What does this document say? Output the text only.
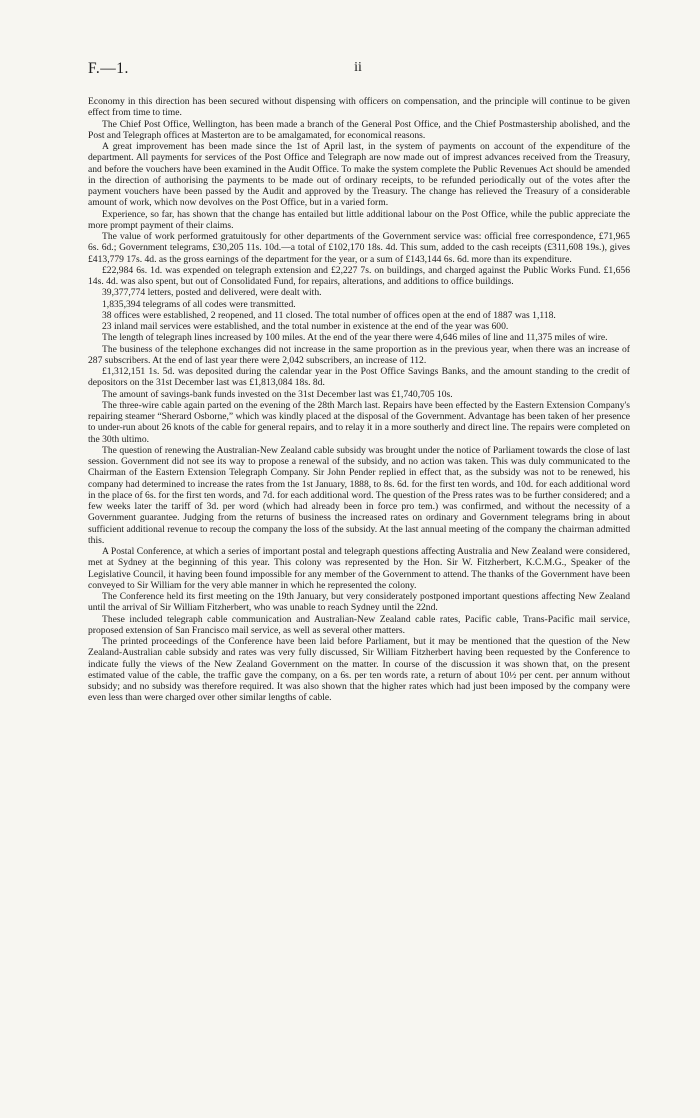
F.—1.	ii

Economy in this direction has been secured without dispensing with officers on compensation, and the principle will continue to be given effect from time to time.

The Chief Post Office, Wellington, has been made a branch of the General Post Office, and the Chief Postmastership abolished, and the Post and Telegraph offices at Masterton are to be amalgamated, for economical reasons.

A great improvement has been made since the 1st of April last, in the system of payments on account of the expenditure of the department. All payments for services of the Post Office and Telegraph are now made out of imprest advances received from the Treasury, and before the vouchers have been examined in the Audit Office. To make the system complete the Public Revenues Act should be amended in the direction of authorising the payments to be made out of ordinary receipts, to be refunded periodically out of the votes after the payment vouchers have been passed by the Audit and approved by the Treasury. The change has relieved the Treasury of a considerable amount of work, which now devolves on the Post Office, but in a varied form.

Experience, so far, has shown that the change has entailed but little additional labour on the Post Office, while the public appreciate the more prompt payment of their claims.

The value of work performed gratuitously for other departments of the Government service was: official free correspondence, £71,965 6s. 6d.; Government telegrams, £30,205 11s. 10d.—a total of £102,170 18s. 4d. This sum, added to the cash receipts (£311,608 19s.), gives £413,779 17s. 4d. as the gross earnings of the department for the year, or a sum of £143,144 6s. 6d. more than its expenditure.

£22,984 6s. 1d. was expended on telegraph extension and £2,227 7s. on buildings, and charged against the Public Works Fund. £1,656 14s. 4d. was also spent, but out of Consolidated Fund, for repairs, alterations, and additions to office buildings.

39,377,774 letters, posted and delivered, were dealt with.

1,835,394 telegrams of all codes were transmitted.

38 offices were established, 2 reopened, and 11 closed. The total number of offices open at the end of 1887 was 1,118.

23 inland mail services were established, and the total number in existence at the end of the year was 600.

The length of telegraph lines increased by 100 miles. At the end of the year there were 4,646 miles of line and 11,375 miles of wire.

The business of the telephone exchanges did not increase in the same proportion as in the previous year, when there was an increase of 287 subscribers. At the end of last year there were 2,042 subscribers, an increase of 112.

£1,312,151 1s. 5d. was deposited during the calendar year in the Post Office Savings Banks, and the amount standing to the credit of depositors on the 31st December last was £1,813,084 18s. 8d.

The amount of savings-bank funds invested on the 31st December last was £1,740,705 10s.

The three-wire cable again parted on the evening of the 28th March last. Repairs have been effected by the Eastern Extension Company's repairing steamer “Sherard Osborne,” which was kindly placed at the disposal of the Government. Advantage has been taken of her presence to under-run about 26 knots of the cable for general repairs, and to relay it in a more southerly and direct line. The repairs were completed on the 30th ultimo.

The question of renewing the Australian-New Zealand cable subsidy was brought under the notice of Parliament towards the close of last session. Government did not see its way to propose a renewal of the subsidy, and no action was taken. This was duly communicated to the Chairman of the Eastern Extension Telegraph Company. Sir John Pender replied in effect that, as the subsidy was not to be renewed, his company had determined to increase the rates from the 1st January, 1888, to 8s. 6d. for the first ten words, and 10d. for each additional word in the place of 6s. for the first ten words, and 7d. for each additional word. The question of the Press rates was to be further considered; and a few weeks later the tariff of 3d. per word (which had already been in force pro tem.) was confirmed, and without the necessity of a Government guarantee. Judging from the returns of business the increased rates on ordinary and Government telegrams bring in about sufficient additional revenue to recoup the company the loss of the subsidy. At the last annual meeting of the company the chairman admitted this.

A Postal Conference, at which a series of important postal and telegraph questions affecting Australia and New Zealand were considered, met at Sydney at the beginning of this year. This colony was represented by the Hon. Sir W. Fitzherbert, K.C.M.G., Speaker of the Legislative Council, it having been found impossible for any member of the Government to attend. The thanks of the Government have been conveyed to Sir William for the very able manner in which he represented the colony.

The Conference held its first meeting on the 19th January, but very considerately postponed important questions affecting New Zealand until the arrival of Sir William Fitzherbert, who was unable to reach Sydney until the 22nd.

These included telegraph cable communication and Australian-New Zealand cable rates, Pacific cable, Trans-Pacific mail service, proposed extension of San Francisco mail service, as well as several other matters.

The printed proceedings of the Conference have been laid before Parliament, but it may be mentioned that the question of the New Zealand-Australian cable subsidy and rates was very fully discussed, Sir William Fitzherbert having been requested by the Conference to indicate fully the views of the New Zealand Government on the matter. In course of the discussion it was shown that, on the present estimated value of the cable, the traffic gave the company, on a 6s. per ten words rate, a return of about 10½ per cent. per annum without subsidy; and no subsidy was therefore required. It was also shown that the higher rates which had just been imposed by the company were even less than were charged over other similar lengths of cable.
